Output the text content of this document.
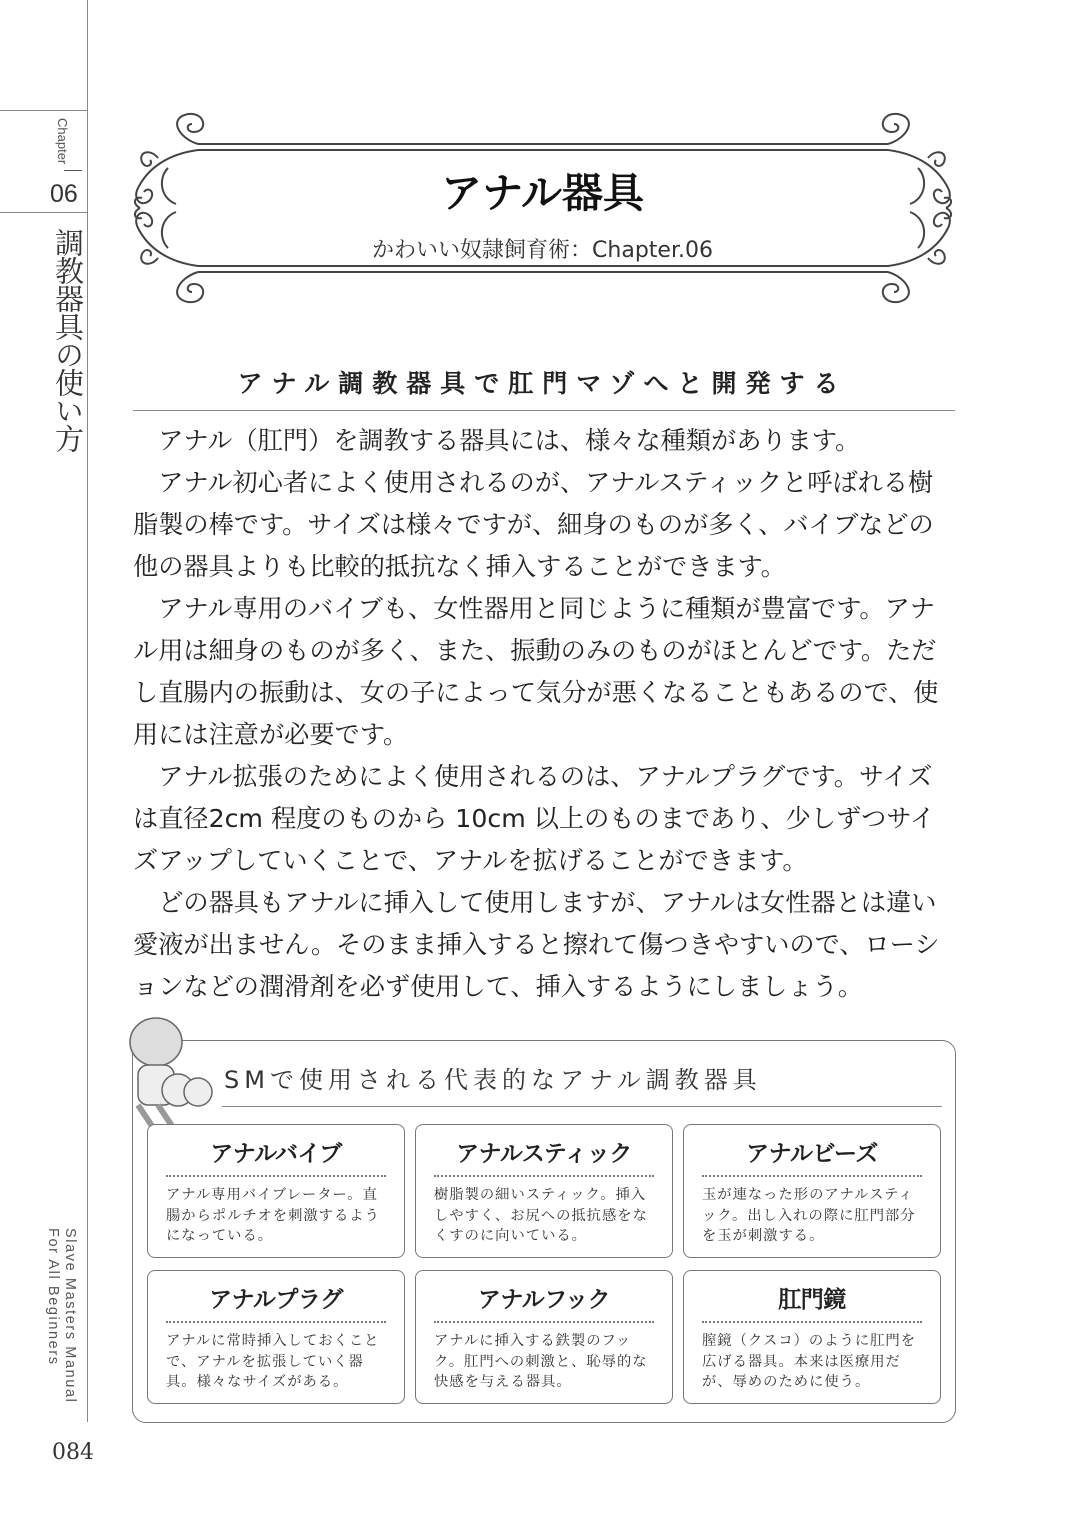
Chapter
06
調教器具の使い方
Slave Masters Manual
For All Beginners
084
アナル器具
かわいい奴隷飼育術：Chapter.06
アナル調教器具で肛門マゾへと開発する

アナル（肛門）を調教する器具には、様々な種類があります。

アナル初心者によく使用されるのが、アナルスティックと呼ばれる樹脂製の棒です。サイズは様々ですが、細身のものが多く、バイブなどの他の器具よりも比較的抵抗なく挿入することができます。

アナル専用のバイブも、女性器用と同じように種類が豊富です。アナル用は細身のものが多く、また、振動のみのものがほとんどです。ただし直腸内の振動は、女の子によって気分が悪くなることもあるので、使用には注意が必要です。

アナル拡張のためによく使用されるのは、アナルプラグです。サイズは直径2cm 程度のものから 10cm 以上のものまであり、少しずつサイズアップしていくことで、アナルを拡げることができます。

どの器具もアナルに挿入して使用しますが、アナルは女性器とは違い愛液が出ません。そのまま挿入すると擦れて傷つきやすいので、ローションなどの潤滑剤を必ず使用して、挿入するようにしましょう。

SMで使用される代表的なアナル調教器具
アナルバイブ

アナル専用バイブレーター。直腸からポルチオを刺激するようになっている。

アナルスティック

樹脂製の細いスティック。挿入しやすく、お尻への抵抗感をなくすのに向いている。

アナルビーズ

玉が連なった形のアナルスティック。出し入れの際に肛門部分を玉が刺激する。

アナルプラグ

アナルに常時挿入しておくことで、アナルを拡張していく器具。様々なサイズがある。

アナルフック

アナルに挿入する鉄製のフック。肛門への刺激と、恥辱的な快感を与える器具。

肛門鏡

膣鏡（クスコ）のように肛門を広げる器具。本来は医療用だが、辱めのために使う。
